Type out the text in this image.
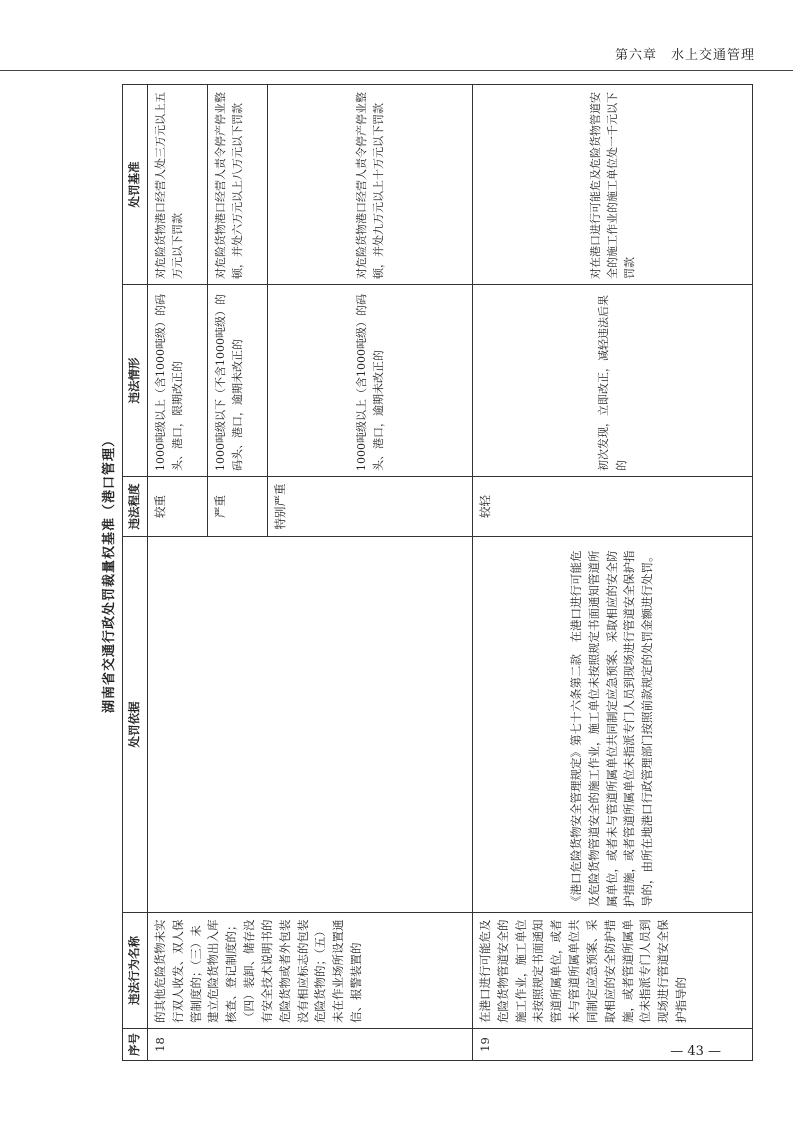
第六章　水上交通管理
湖南省交通行政处罚裁量权基准（港口管理）
序号	违法行为名称	处罚依据	违法程度	违法情形	处罚基准
18	的其他危险货物未实行双人收发、双人保管制度的；（三）未建立危险货物出入库核查、登记制度的；（四）装卸、储存没有安全技术说明书的危险货物或者外包装没有相应标志的包装危险货物的；（五）未在作业场所设置通信、报警装置的		较重	1000吨级以上（含1000吨级）的码头、港口，限期改正的	对危险货物港口经营人处三万元以上五万元以下罚款
			严重	1000吨级以下（不含1000吨级）的码头、港口，逾期未改正的	对危险货物港口经营人责令停产停业整顿，并处六万元以上八万元以下罚款
			特别严重	1000吨级以上（含1000吨级）的码头、港口，逾期未改正的	对危险货物港口经营人责令停产停业整顿，并处九万元以上十万元以下罚款
19	在港口进行可能危及危险货物管道安全的施工作业，施工单位未按照规定书面通知管道所属单位，或者未与管道所属单位共同制定应急预案、采取相应的安全防护措施，或者管道所属单位未指派专门人员到现场进行管道安全保护指导的	《港口危险货物安全管理规定》第七十六条第二款　在港口进行可能危及危险货物管道安全的施工作业，施工单位未按照规定书面通知管道所属单位，或者未与管道所属单位共同制定应急预案、采取相应的安全防护措施，或者管道所属单位未指派专门人员到现场进行管道安全保护指导的，由所在地港口行政管理部门按照前款规定的处罚金额进行处罚。	较轻	初次发现，立即改正，减轻违法后果的	对在港口进行可能危及危险货物管道安全的施工作业的施工单位处一千元以下罚款
— 43 —
